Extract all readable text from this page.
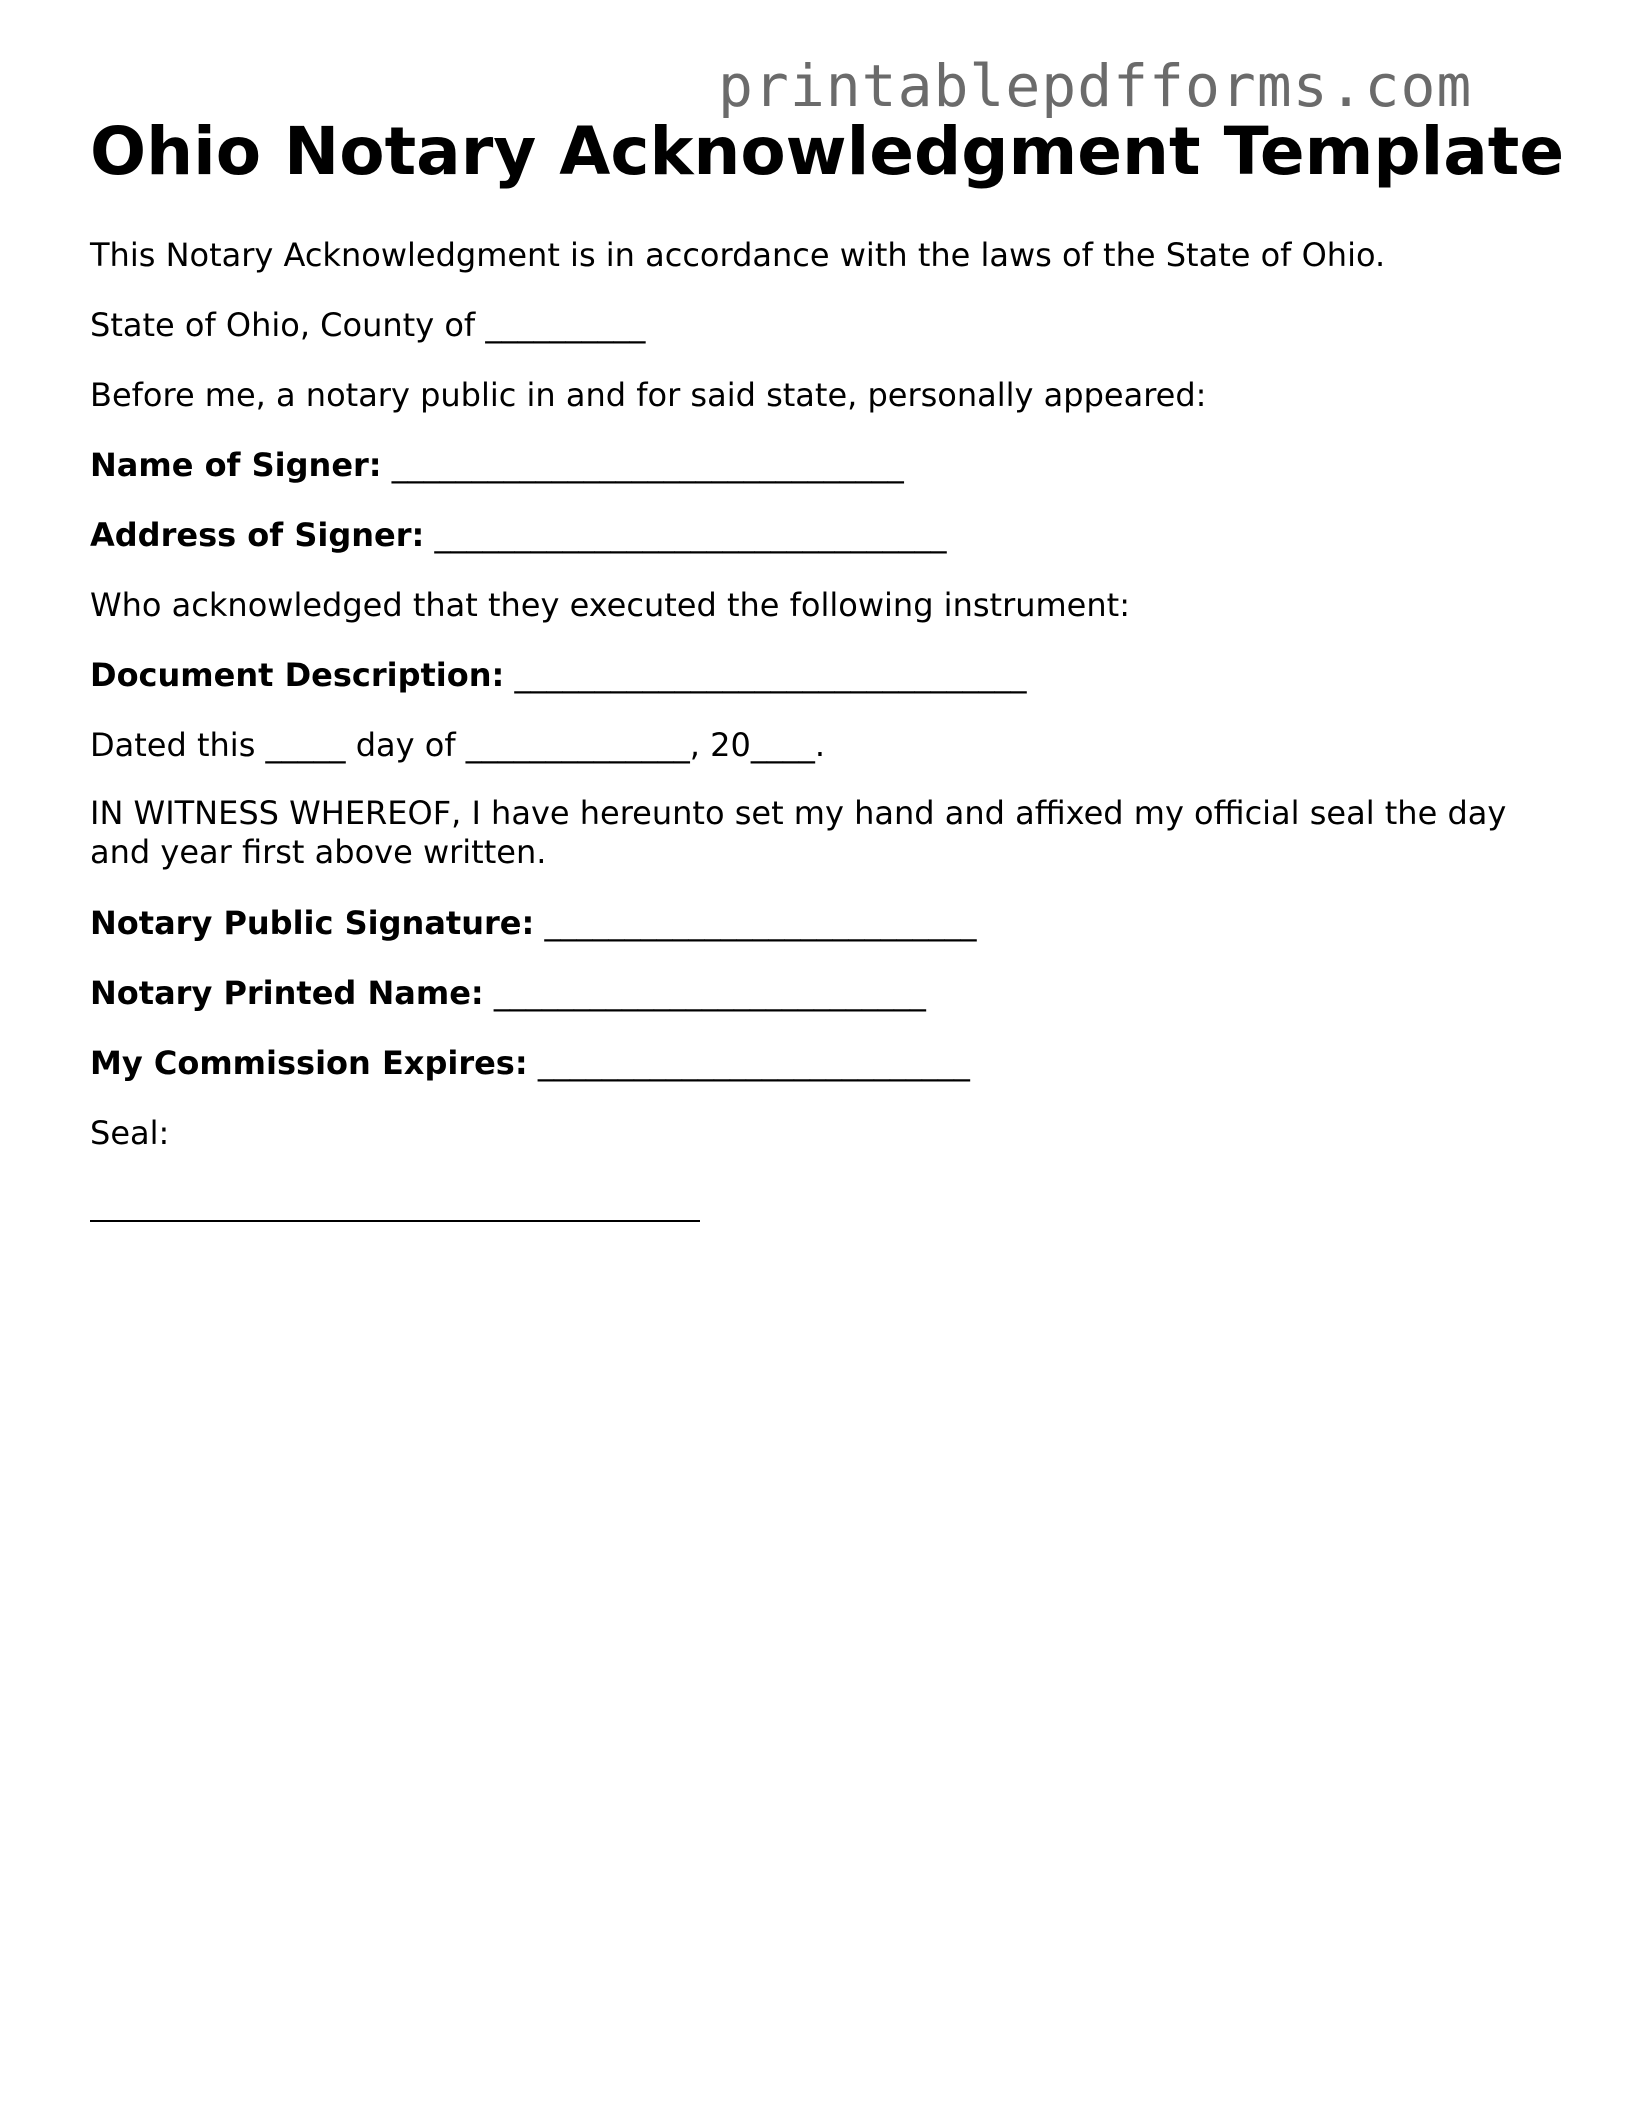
printablepdfforms.com
Ohio Notary Acknowledgment Template
This Notary Acknowledgment is in accordance with the laws of the State of Ohio.
State of Ohio, County of __________
Before me, a notary public in and for said state, personally appeared:
Name of Signer: ________________________________
Address of Signer: ________________________________
Who acknowledged that they executed the following instrument:
Document Description: ________________________________
Dated this _____ day of ______________, 20____.
IN WITNESS WHEREOF, I have hereunto set my hand and affixed my official seal the day and year first above written.
Notary Public Signature: ___________________________
Notary Printed Name: ___________________________
My Commission Expires: ___________________________
Seal:
